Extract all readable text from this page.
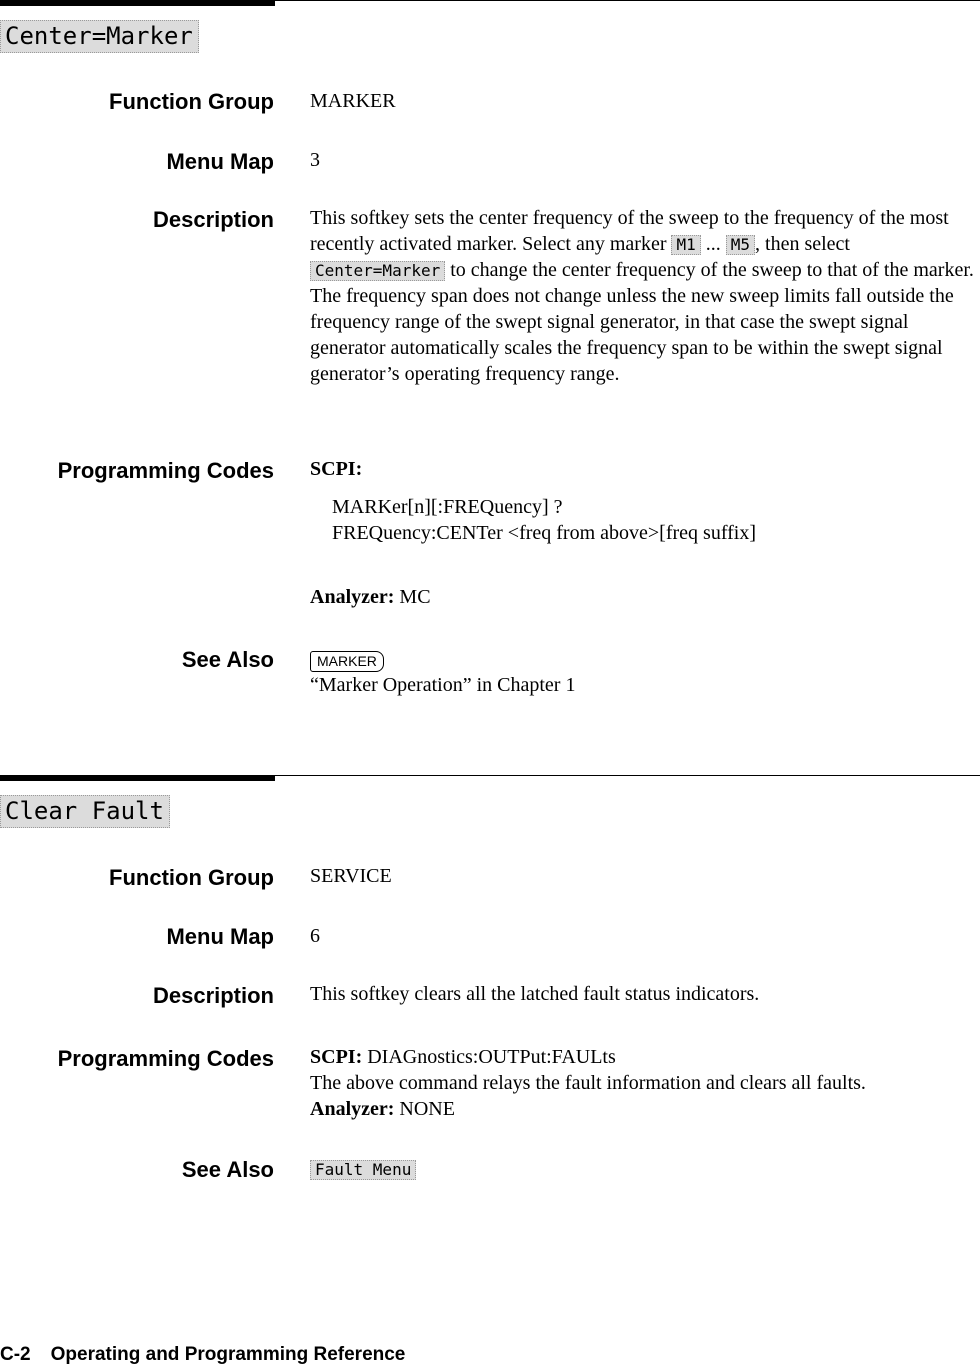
Center=Marker
Function Group MARKER
Menu Map 3
Description This softkey sets the center frequency of the sweep to the frequency of the most recently activated marker. Select any marker M1 ... M5 , then select Center=Marker to change the center frequency of the sweep to that of the marker. The frequency span does not change unless the new sweep limits fall outside the frequency range of the swept signal generator, in that case the swept signal generator automatically scales the frequency span to be within the swept signal generator’s operating frequency range.
Programming Codes SCPI:
MARKer[n][:FREQuency] ?
FREQuency:CENTer <freq from above>[freq suffix]
Analyzer: MC
See Also	MARKER
“Marker Operation” in Chapter 1
Clear Fault
Function Group SERVICE
Menu Map 6
Description This softkey clears all the latched fault status indicators.
Programming Codes SCPI: DIAGnostics:OUTPut:FAULts
The above command relays the fault information and clears all faults.
Analyzer: NONE
See Also	Fault Menu
C-2 Operating and Programming Reference
